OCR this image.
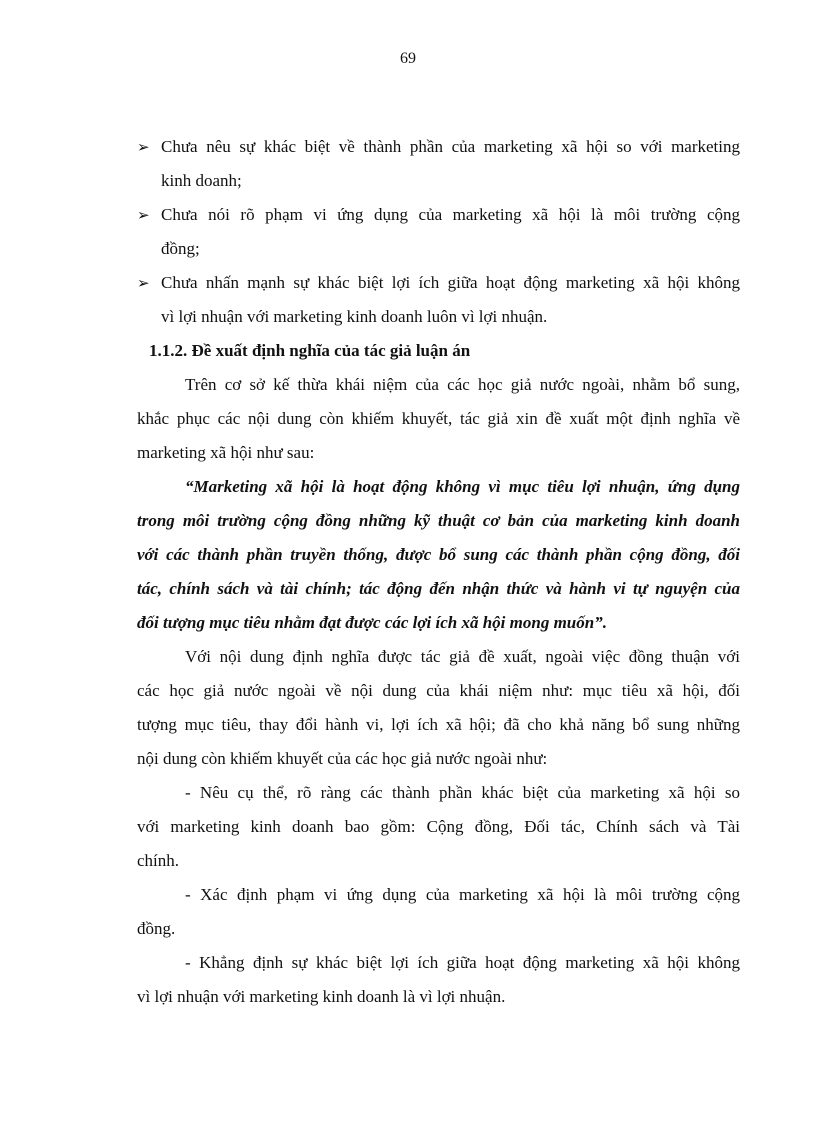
69
➢ Chưa nêu sự khác biệt về thành phần của marketing xã hội so với marketing
kinh doanh;
➢ Chưa nói rõ phạm vi ứng dụng của marketing xã hội là môi trường cộng
đồng;
➢ Chưa nhấn mạnh sự khác biệt lợi ích giữa hoạt động marketing xã hội không
vì lợi nhuận với marketing kinh doanh luôn vì lợi nhuận.
1.1.2. Đề xuất định nghĩa của tác giả luận án
Trên cơ sở kế thừa khái niệm của các học giả nước ngoài, nhằm bổ sung,
khắc phục các nội dung còn khiếm khuyết, tác giả xin đề xuất một định nghĩa về
marketing xã hội như sau:
“Marketing xã hội là hoạt động không vì mục tiêu lợi nhuận, ứng dụng
trong môi trường cộng đồng những kỹ thuật cơ bản của marketing kinh doanh
với các thành phần truyền thống, được bổ sung các thành phần cộng đồng, đối
tác, chính sách và tài chính; tác động đến nhận thức và hành vi tự nguyện của
đối tượng mục tiêu nhằm đạt được các lợi ích xã hội mong muốn”.
Với nội dung định nghĩa được tác giả đề xuất, ngoài việc đồng thuận với
các học giả nước ngoài về nội dung của khái niệm như: mục tiêu xã hội, đối
tượng mục tiêu, thay đổi hành vi, lợi ích xã hội; đã cho khả năng bổ sung những
nội dung còn khiếm khuyết của các học giả nước ngoài như:
- Nêu cụ thể, rõ ràng các thành phần khác biệt của marketing xã hội so
với marketing kinh doanh bao gồm: Cộng đồng, Đối tác, Chính sách và Tài
chính.
- Xác định phạm vi ứng dụng của marketing xã hội là môi trường cộng
đồng.
- Khẳng định sự khác biệt lợi ích giữa hoạt động marketing xã hội không
vì lợi nhuận với marketing kinh doanh là vì lợi nhuận.
